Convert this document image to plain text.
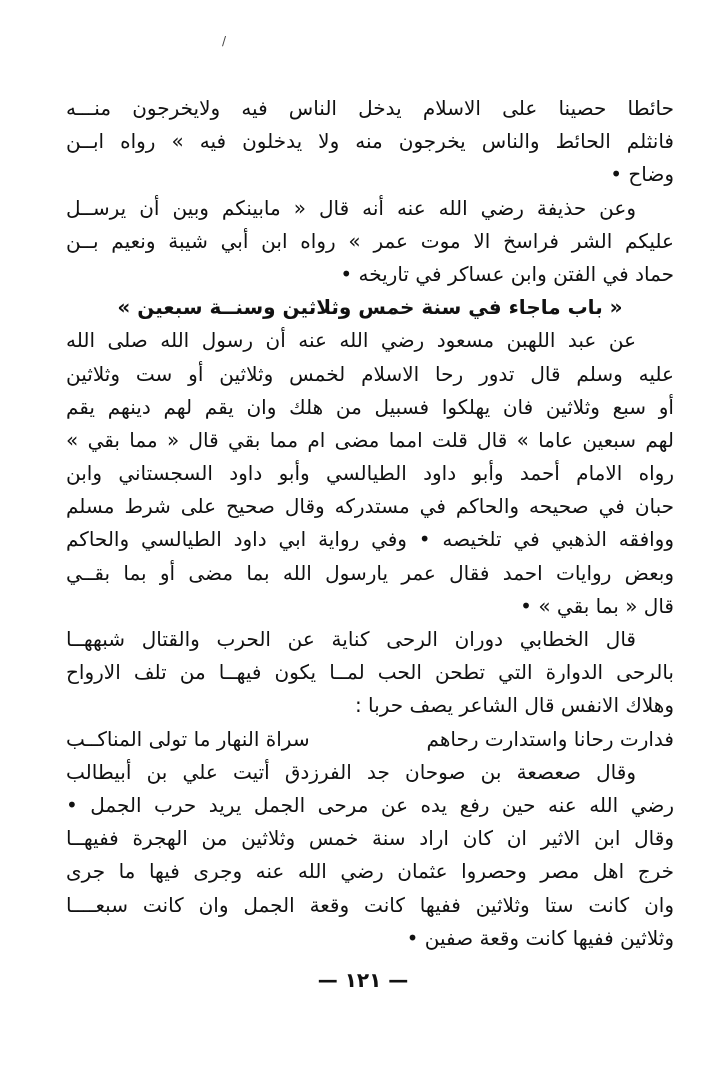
/
حائطا حصينا على الاسلام يدخل الناس فيه ولايخرجون منـــه
فانثلم الحائط والناس يخرجون منه ولا يدخلون فيه » رواه ابــن
وضاح •
وعن حذيفة رضي الله عنه أنه قال « مابينكم وبين أن يرســل
عليكم الشر فراسخ الا موت عمر » رواه ابن أبي شيبة ونعيم بــن
حماد في الفتن وابن عساكر في تاريخه •
« باب ماجاء في سنة خمس وثلاثين وسنــة سبعين »
عن عبد اللهبن مسعود رضي الله عنه أن رسول الله صلى الله
عليه وسلم قال تدور رحا الاسلام لخمس وثلاثين أو ست وثلاثين
أو سبع وثلاثين فان يهلكوا فسبيل من هلك وان يقم لهم دينهم يقم
لهم سبعين عاما » قال قلت امما مضى ام مما بقي قال « مما بقي »
رواه الامام أحمد وأبو داود الطيالسي وأبو داود السجستاني وابن
حبان في صحيحه والحاكم في مستدركه وقال صحيح على شرط مسلم
ووافقه الذهبي في تلخيصه • وفي رواية ابي داود الطيالسي والحاكم
وبعض روايات احمد فقال عمر يارسول الله بما مضى أو بما بقــي
قال « بما بقي » •
قال الخطابي دوران الرحى كناية عن الحرب والقتال شبههــا
بالرحى الدوارة التي تطحن الحب لمــا يكون فيهــا من تلف الارواح
وهلاك الانفس قال الشاعر يصف حربا :
فدارت رحانا واستدارت رحاهم
سراة النهار ما تولى المناكــب
وقال صعصعة بن صوحان جد الفرزدق أتيت علي بن أبيطالب
رضي الله عنه حين رفع يده عن مرحى الجمل يريد حرب الجمل •
وقال ابن الاثير ان كان اراد سنة خمس وثلاثين من الهجرة ففيهــا
خرج اهل مصر وحصروا عثمان رضي الله عنه وجرى فيها ما جرى
وان كانت ستا وثلاثين ففيها كانت وقعة الجمل وان كانت سبعــــا
وثلاثين ففيها كانت وقعة صفين •
— ١٢١ —
